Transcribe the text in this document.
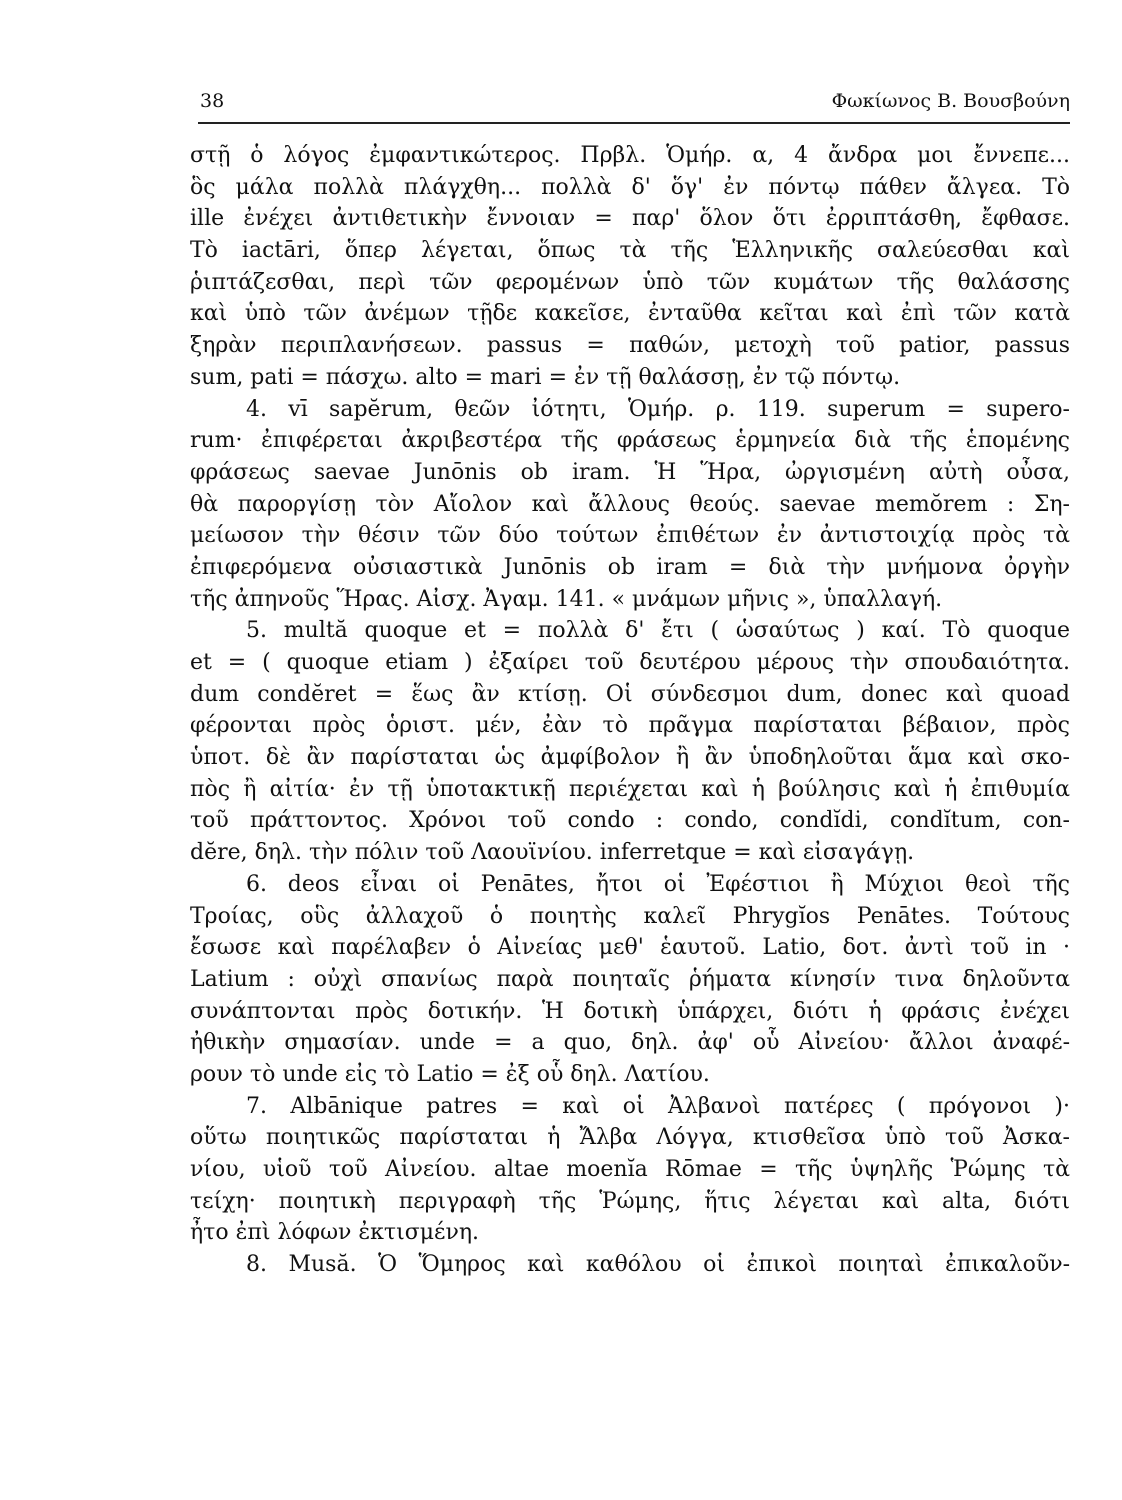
38	Φωκίωνος Β. Βουσβούνη
στῇ ὁ λόγος ἐμφαντικώτερος. Πρβλ. Ὁμήρ. α, 4 ἄνδρα μοι ἔννεπε...
ὃς μάλα πολλὰ πλάγχθη... πολλὰ δ' ὅγ' ἐν πόντῳ πάθεν ἄλγεα. Τὸ
ille ἐνέχει ἀντιθετικὴν ἔννοιαν = παρ' ὅλον ὅτι ἐρριπτάσθη, ἔφθασε.
Τὸ iactāri, ὅπερ λέγεται, ὅπως τὰ τῆς Ἑλληνικῆς σαλεύεσθαι καὶ
ῥιπτάζεσθαι, περὶ τῶν φερομένων ὑπὸ τῶν κυμάτων τῆς θαλάσσης
καὶ ὑπὸ τῶν ἀνέμων τῇδε κακεῖσε, ἐνταῦθα κεῖται καὶ ἐπὶ τῶν κατὰ
ξηρὰν περιπλανήσεων. passus = παθών, μετοχὴ τοῦ patior, passus
sum, pati = πάσχω. alto = mari = ἐν τῇ θαλάσσῃ, ἐν τῷ πόντῳ.
4. vī sapĕrum, θεῶν ἰότητι, Ὁμήρ. ρ. 119. superum = supero-
rum· ἐπιφέρεται ἀκριβεστέρα τῆς φράσεως ἑρμηνεία διὰ τῆς ἑπομένης
φράσεως saevae Junōnis ob iram. Ἡ Ἥρα, ὠργισμένη αὐτὴ οὖσα,
θὰ παροργίσῃ τὸν Αἴολον καὶ ἄλλους θεούς. saevae memŏrem : Ση-
μείωσον τὴν θέσιν τῶν δύο τούτων ἐπιθέτων ἐν ἀντιστοιχίᾳ πρὸς τὰ
ἐπιφερόμενα οὐσιαστικὰ Junōnis ob iram = διὰ τὴν μνήμονα ὀργὴν
τῆς ἀπηνοῦς Ἥρας. Αἰσχ. Ἀγαμ. 141. « μνάμων μῆνις », ὑπαλλαγή.
5. multă quoque et = πολλὰ δ' ἔτι ( ὡσαύτως ) καί. Τὸ quoque
et = ( quoque etiam ) ἐξαίρει τοῦ δευτέρου μέρους τὴν σπουδαιότητα.
dum condĕret = ἕως ἂν κτίσῃ. Οἱ σύνδεσμοι dum, donec καὶ quoad
φέρονται πρὸς ὁριστ. μέν, ἐὰν τὸ πρᾶγμα παρίσταται βέβαιον, πρὸς
ὑποτ. δὲ ἂν παρίσταται ὡς ἀμφίβολον ἢ ἂν ὑποδηλοῦται ἅμα καὶ σκο-
πὸς ἢ αἰτία· ἐν τῇ ὑποτακτικῇ περιέχεται καὶ ἡ βούλησις καὶ ἡ ἐπιθυμία
τοῦ πράττοντος. Χρόνοι τοῦ condo : condo, condĭdi, condĭtum, con-
dĕre, δηλ. τὴν πόλιν τοῦ Λαουϊνίου. inferretque = καὶ εἰσαγάγῃ.
6. deos εἶναι οἱ Penātes, ἤτοι οἱ Ἐφέστιοι ἢ Μύχιοι θεοὶ τῆς
Τροίας, οὓς ἀλλαχοῦ ὁ ποιητὴς καλεῖ Phrygĭos Penātes. Τούτους
ἔσωσε καὶ παρέλαβεν ὁ Αἰνείας μεθ' ἑαυτοῦ. Latio, δοτ. ἀντὶ τοῦ in ·
Latium : οὐχὶ σπανίως παρὰ ποιηταῖς ῥήματα κίνησίν τινα δηλοῦντα
συνάπτονται πρὸς δοτικήν. Ἡ δοτικὴ ὑπάρχει, διότι ἡ φράσις ἐνέχει
ἠθικὴν σημασίαν. unde = a quo, δηλ. ἀφ' οὗ Αἰνείου· ἄλλοι ἀναφέ-
ρουν τὸ unde εἰς τὸ Latio = ἐξ οὗ δηλ. Λατίου.
7. Albānique patres = καὶ οἱ Ἀλβανοὶ πατέρες ( πρόγονοι )·
οὕτω ποιητικῶς παρίσταται ἡ Ἄλβα Λόγγα, κτισθεῖσα ὑπὸ τοῦ Ἀσκα-
νίου, υἱοῦ τοῦ Αἰνείου. altae moenĭa Rōmae = τῆς ὑψηλῆς Ῥώμης τὰ
τείχη· ποιητικὴ περιγραφὴ τῆς Ῥώμης, ἥτις λέγεται καὶ alta, διότι
ἦτο ἐπὶ λόφων ἐκτισμένη.
8. Musă. Ὁ Ὅμηρος καὶ καθόλου οἱ ἐπικοὶ ποιηταὶ ἐπικαλοῦν-
